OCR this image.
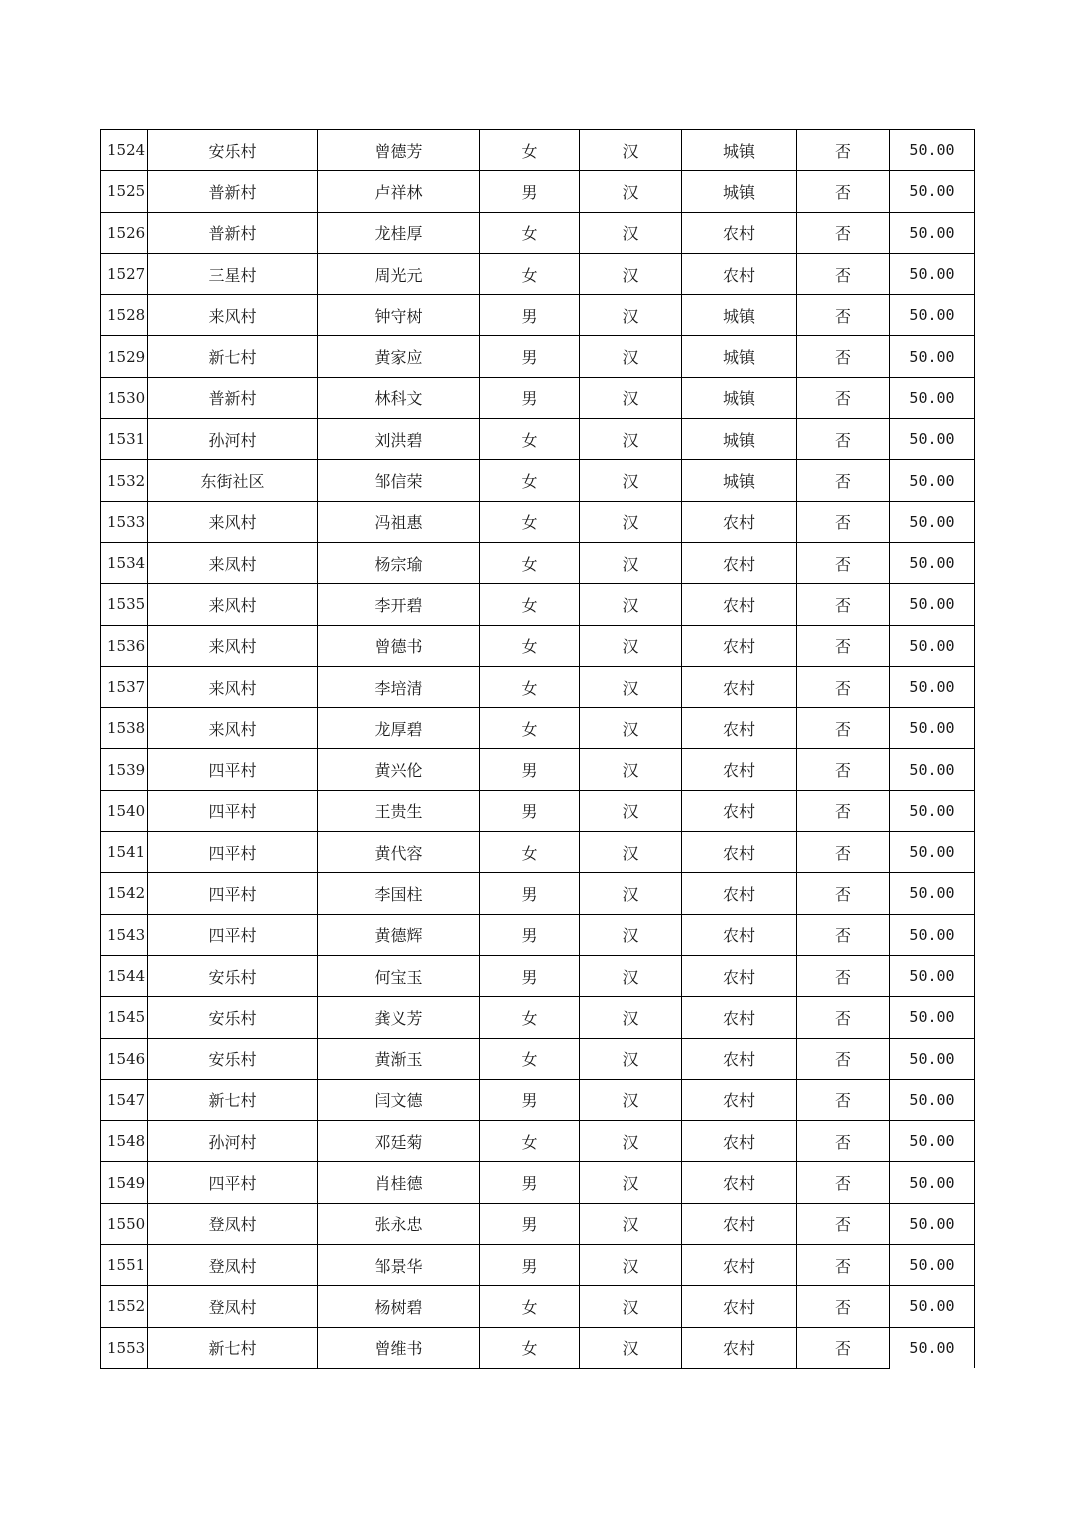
1524	安乐村	曾德芳	女	汉	城镇	否	50.00
1525	普新村	卢祥林	男	汉	城镇	否	50.00
1526	普新村	龙桂厚	女	汉	农村	否	50.00
1527	三星村	周光元	女	汉	农村	否	50.00
1528	来风村	钟守树	男	汉	城镇	否	50.00
1529	新七村	黄家应	男	汉	城镇	否	50.00
1530	普新村	林科文	男	汉	城镇	否	50.00
1531	孙河村	刘洪碧	女	汉	城镇	否	50.00
1532	东街社区	邹信荣	女	汉	城镇	否	50.00
1533	来风村	冯祖惠	女	汉	农村	否	50.00
1534	来凤村	杨宗瑜	女	汉	农村	否	50.00
1535	来风村	李开碧	女	汉	农村	否	50.00
1536	来风村	曾德书	女	汉	农村	否	50.00
1537	来风村	李培清	女	汉	农村	否	50.00
1538	来风村	龙厚碧	女	汉	农村	否	50.00
1539	四平村	黄兴伦	男	汉	农村	否	50.00
1540	四平村	王贵生	男	汉	农村	否	50.00
1541	四平村	黄代容	女	汉	农村	否	50.00
1542	四平村	李国柱	男	汉	农村	否	50.00
1543	四平村	黄德辉	男	汉	农村	否	50.00
1544	安乐村	何宝玉	男	汉	农村	否	50.00
1545	安乐村	龚义芳	女	汉	农村	否	50.00
1546	安乐村	黄渐玉	女	汉	农村	否	50.00
1547	新七村	闫文德	男	汉	农村	否	50.00
1548	孙河村	邓廷菊	女	汉	农村	否	50.00
1549	四平村	肖桂德	男	汉	农村	否	50.00
1550	登凤村	张永忠	男	汉	农村	否	50.00
1551	登凤村	邹景华	男	汉	农村	否	50.00
1552	登凤村	杨树碧	女	汉	农村	否	50.00
1553	新七村	曾维书	女	汉	农村	否	50.00
